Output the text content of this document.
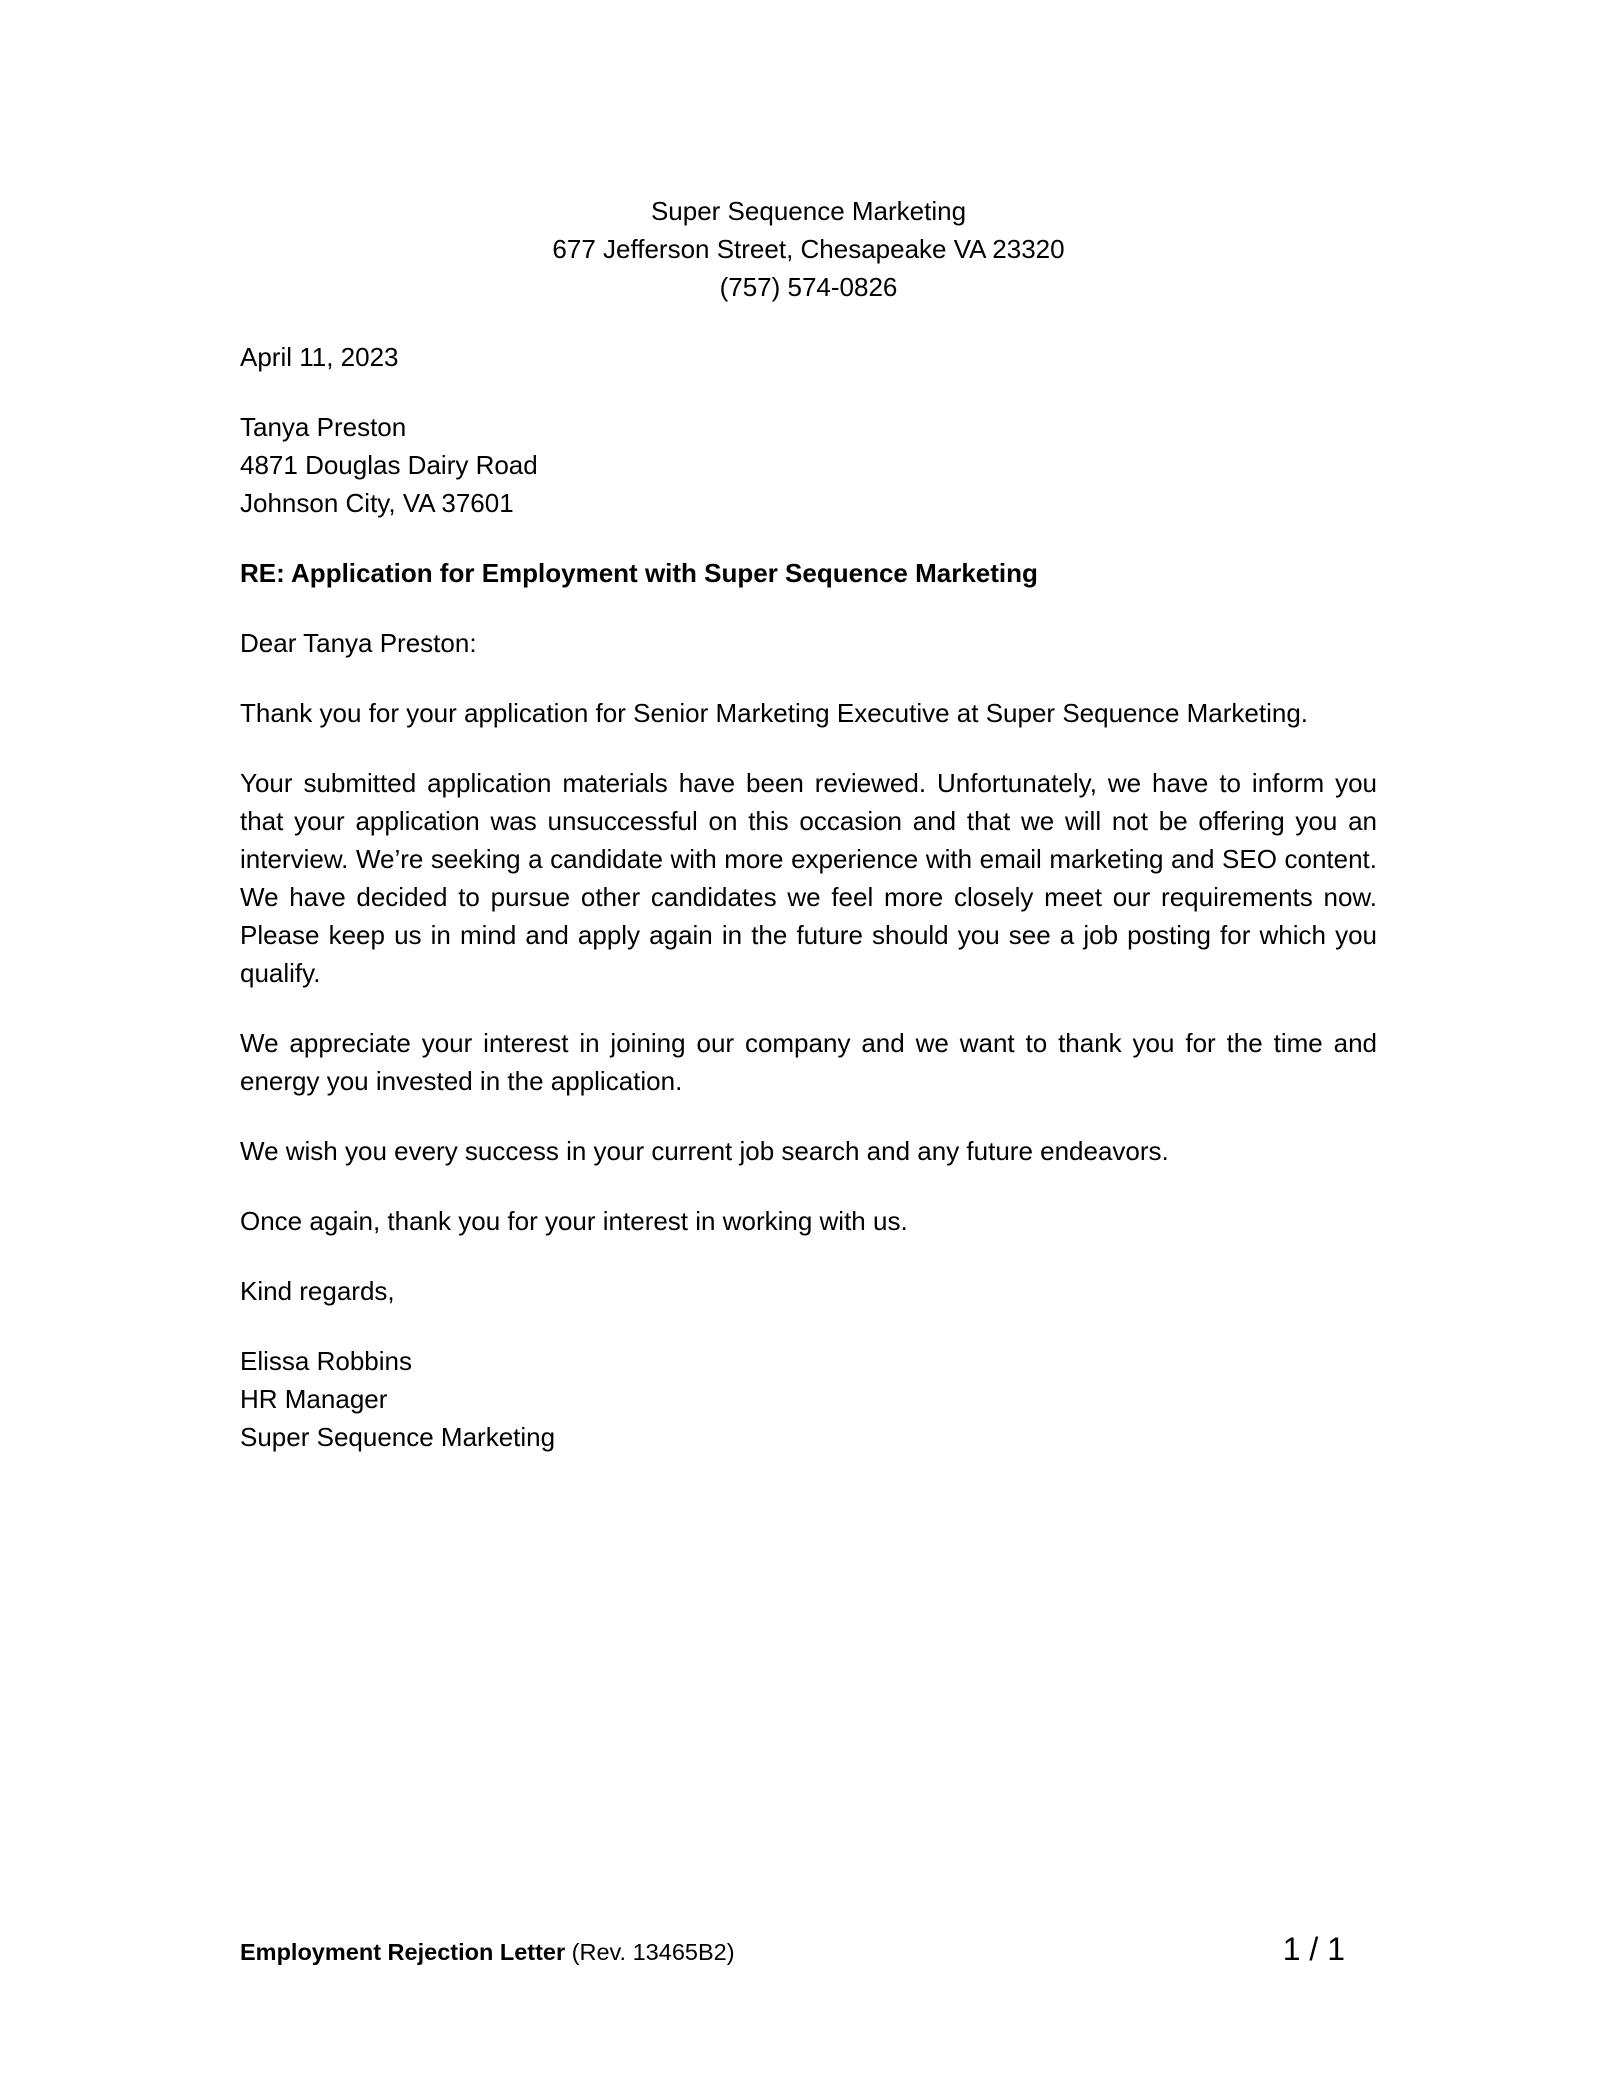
Super Sequence Marketing
677 Jefferson Street, Chesapeake VA 23320
(757) 574-0826
April 11, 2023
Tanya Preston
4871 Douglas Dairy Road
Johnson City, VA 37601
RE: Application for Employment with Super Sequence Marketing
Dear Tanya Preston:

Thank you for your application for Senior Marketing Executive at Super Sequence Marketing.

Your submitted application materials have been reviewed. Unfortunately, we have to inform you that your application was unsuccessful on this occasion and that we will not be offering you an interview. We’re seeking a candidate with more experience with email marketing and SEO content. We have decided to pursue other candidates we feel more closely meet our requirements now. Please keep us in mind and apply again in the future should you see a job posting for which you qualify.

We appreciate your interest in joining our company and we want to thank you for the time and energy you invested in the application.

We wish you every success in your current job search and any future endeavors.

Once again, thank you for your interest in working with us.

Kind regards,
Elissa Robbins
HR Manager
Super Sequence Marketing
Employment Rejection Letter (Rev. 13465B2)	1 / 1
